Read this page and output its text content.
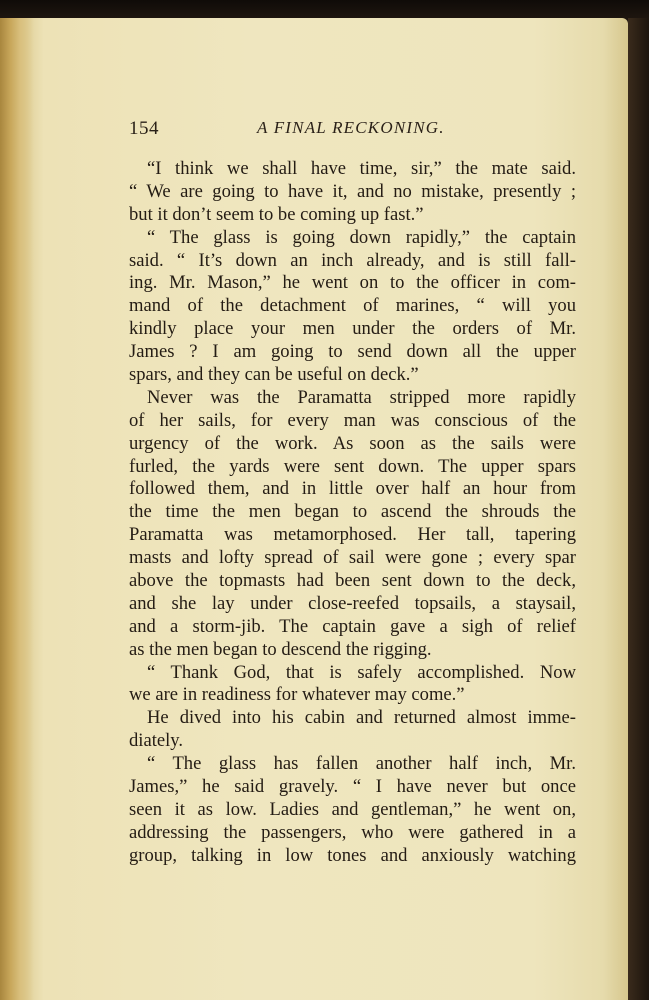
154	A FINAL RECKONING.
“I think we shall have time, sir,” the mate said.
“ We are going to have it, and no mistake, presently ;
but it don’t seem to be coming up fast.”
“ The glass is going down rapidly,” the captain
said. “ It’s down an inch already, and is still fall-
ing. Mr. Mason,” he went on to the officer in com-
mand of the detachment of marines, “ will you
kindly place your men under the orders of Mr.
James ? I am going to send down all the upper
spars, and they can be useful on deck.”
Never was the Paramatta stripped more rapidly
of her sails, for every man was conscious of the
urgency of the work. As soon as the sails were
furled, the yards were sent down. The upper spars
followed them, and in little over half an hour from
the time the men began to ascend the shrouds the
Paramatta was metamorphosed. Her tall, tapering
masts and lofty spread of sail were gone ; every spar
above the topmasts had been sent down to the deck,
and she lay under close-reefed topsails, a staysail,
and a storm-jib. The captain gave a sigh of relief
as the men began to descend the rigging.
“ Thank God, that is safely accomplished. Now
we are in readiness for whatever may come.”
He dived into his cabin and returned almost imme-
diately.
“ The glass has fallen another half inch, Mr.
James,” he said gravely. “ I have never but once
seen it as low. Ladies and gentleman,” he went on,
addressing the passengers, who were gathered in a
group, talking in low tones and anxiously watching
